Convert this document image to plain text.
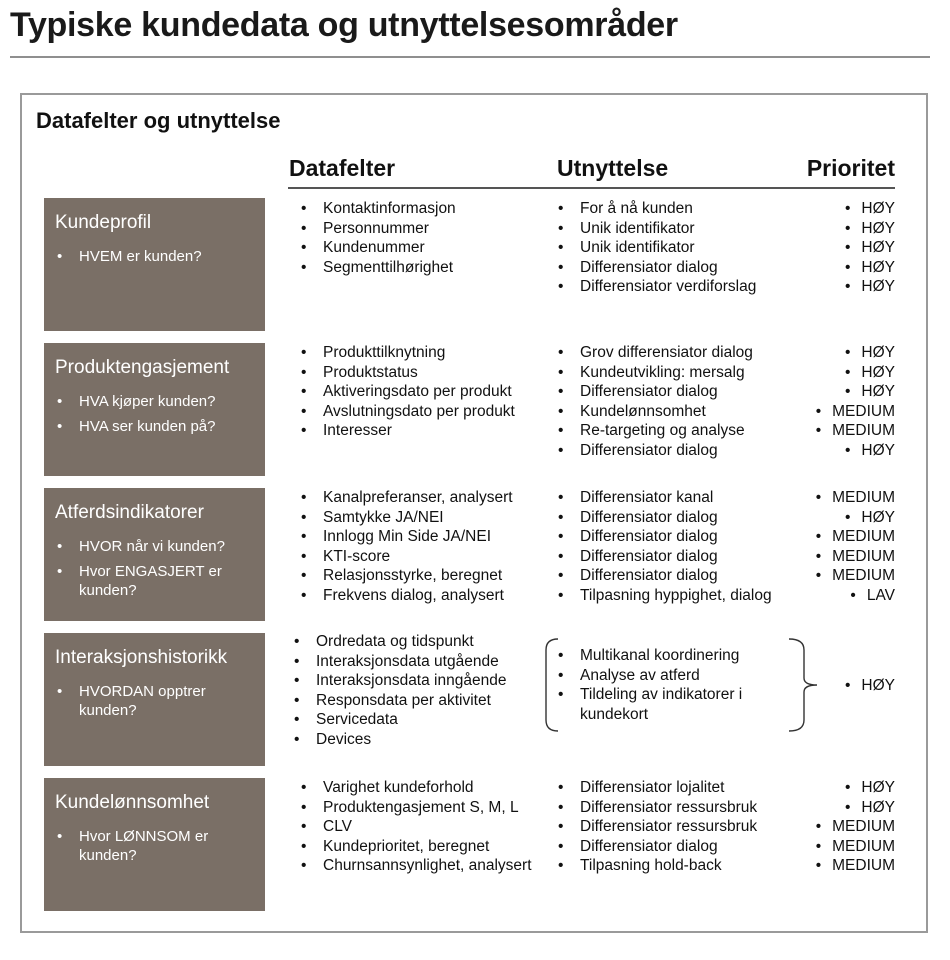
Typiske kundedata og utnyttelsesområder
Datafelter og utnyttelse
Datafelter	Utnyttelse	Prioritet
Kundeprofil
• HVEM er kunden?
• Kontaktinformasjon
• Personnummer
• Kundenummer
• Segmenttilhørighet
• For å nå kunden
• Unik identifikator
• Unik identifikator
• Differensiator dialog
• Differensiator verdiforslag
• HØY
• HØY
• HØY
• HØY
• HØY
Produktengasjement
• HVA kjøper kunden?
• HVA ser kunden på?
• Produkttilknytning
• Produktstatus
• Aktiveringsdato per produkt
• Avslutningsdato per produkt
• Interesser
• Grov differensiator dialog
• Kundeutvikling: mersalg
• Differensiator dialog
• Kundelønnsomhet
• Re-targeting og analyse
• Differensiator dialog
• HØY
• HØY
• HØY
• MEDIUM
• MEDIUM
• HØY
Atferdsindikatorer
• HVOR når vi kunden?
• Hvor ENGASJERT er kunden?
• Kanalpreferanser, analysert
• Samtykke JA/NEI
• Innlogg Min Side JA/NEI
• KTI-score
• Relasjonsstyrke, beregnet
• Frekvens dialog, analysert
• Differensiator kanal
• Differensiator dialog
• Differensiator dialog
• Differensiator dialog
• Differensiator dialog
• Tilpasning hyppighet, dialog
• MEDIUM
• HØY
• MEDIUM
• MEDIUM
• MEDIUM
• LAV
Interaksjonshistorikk
• HVORDAN opptrer kunden?
• Ordredata og tidspunkt
• Interaksjonsdata utgående
• Interaksjonsdata inngående
• Responsdata per aktivitet
• Servicedata
• Devices
• Multikanal koordinering
• Analyse av atferd
• Tildeling av indikatorer i kundekort
• HØY
Kundelønnsomhet
• Hvor LØNNSOM er kunden?
• Varighet kundeforhold
• Produktengasjement S, M, L
• CLV
• Kundeprioritet, beregnet
• Churnsannsynlighet, analysert
• Differensiator lojalitet
• Differensiator ressursbruk
• Differensiator ressursbruk
• Differensiator dialog
• Tilpasning hold-back
• HØY
• HØY
• MEDIUM
• MEDIUM
• MEDIUM
